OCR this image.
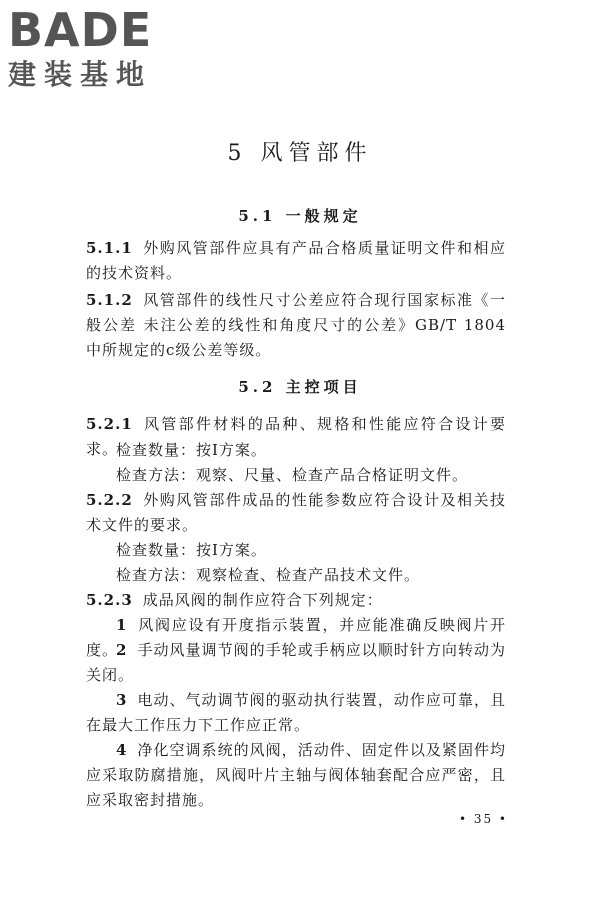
BADE
建装基地
5 风管部件
5.1 一般规定
5.1.1 外购风管部件应具有产品合格质量证明文件和相应的技术资料。
5.1.2 风管部件的线性尺寸公差应符合现行国家标准《一般公差 未注公差的线性和角度尺寸的公差》GB/T 1804 中所规定的c级公差等级。
5.2 主控项目
5.2.1 风管部件材料的品种、规格和性能应符合设计要求。
检查数量：按Ⅰ方案。
检查方法：观察、尺量、检查产品合格证明文件。
5.2.2 外购风管部件成品的性能参数应符合设计及相关技术文件的要求。
检查数量：按Ⅰ方案。
检查方法：观察检查、检查产品技术文件。
5.2.3 成品风阀的制作应符合下列规定：
1 风阀应设有开度指示装置，并应能准确反映阀片开度。
2 手动风量调节阀的手轮或手柄应以顺时针方向转动为关闭。
3 电动、气动调节阀的驱动执行装置，动作应可靠，且在最大工作压力下工作应正常。
4 净化空调系统的风阀，活动件、固定件以及紧固件均应采取防腐措施，风阀叶片主轴与阀体轴套配合应严密，且应采取密封措施。
• 35 •
